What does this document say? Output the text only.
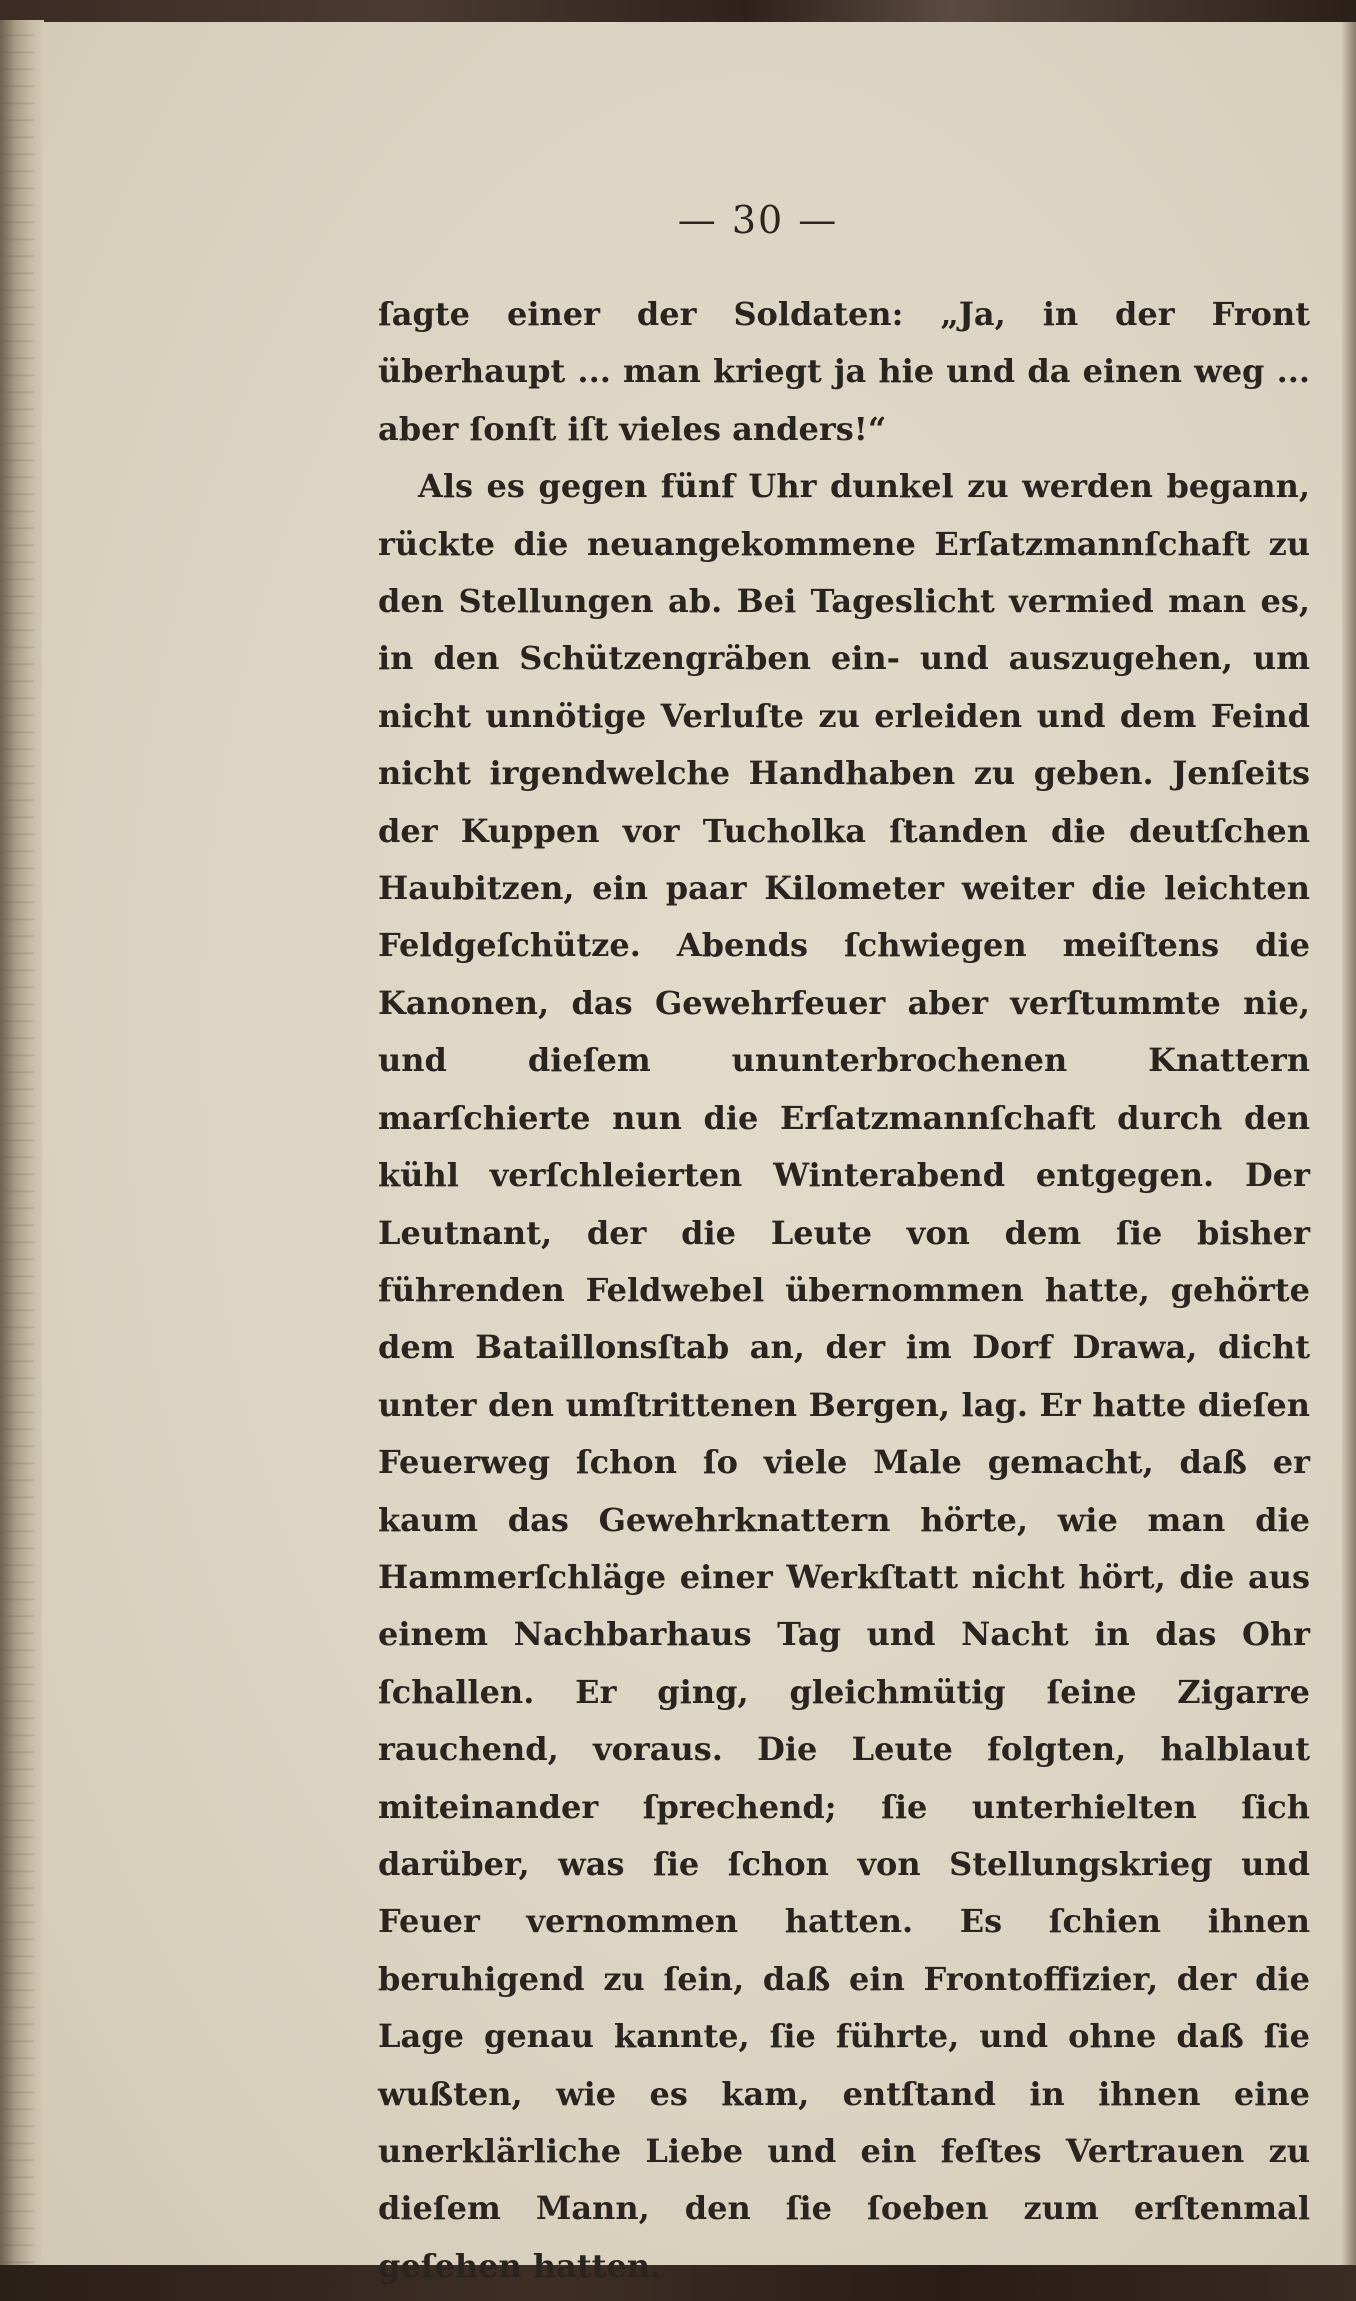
— 30 —

ſagte einer der Soldaten: „Ja, in der Front überhaupt ... man kriegt ja hie und da einen weg ... aber ſonſt iſt vieles anders!“

Als es gegen fünf Uhr dunkel zu werden begann, rückte die neuangekommene Erſatzmannſchaft zu den Stellungen ab. Bei Tageslicht vermied man es, in den Schützengräben ein- und auszugehen, um nicht unnötige Verluſte zu erleiden und dem Feind nicht irgendwelche Handhaben zu geben. Jenſeits der Kuppen vor Tucholka ſtanden die deutſchen Haubitzen, ein paar Kilometer weiter die leichten Feldgeſchütze. Abends ſchwiegen meiſtens die Kanonen, das Gewehrfeuer aber verſtummte nie, und dieſem ununterbrochenen Knattern marſchierte nun die Erſatzmannſchaft durch den kühl verſchleierten Winterabend entgegen. Der Leutnant, der die Leute von dem ſie bisher führenden Feldwebel übernommen hatte, gehörte dem Bataillonsſtab an, der im Dorf Drawa, dicht unter den umſtrittenen Bergen, lag. Er hatte dieſen Feuerweg ſchon ſo viele Male gemacht, daß er kaum das Gewehrknattern hörte, wie man die Hammerſchläge einer Werkſtatt nicht hört, die aus einem Nachbarhaus Tag und Nacht in das Ohr ſchallen. Er ging, gleichmütig ſeine Zigarre rauchend, voraus. Die Leute folgten, halblaut miteinander ſprechend; ſie unterhielten ſich darüber, was ſie ſchon von Stellungskrieg und Feuer vernommen hatten. Es ſchien ihnen beruhigend zu ſein, daß ein Frontoffizier, der die Lage genau kannte, ſie führte, und ohne daß ſie wußten, wie es kam, entſtand in ihnen eine unerklärliche Liebe und ein feſtes Vertrauen zu dieſem Mann, den ſie ſoeben zum erſtenmal geſehen hatten.
